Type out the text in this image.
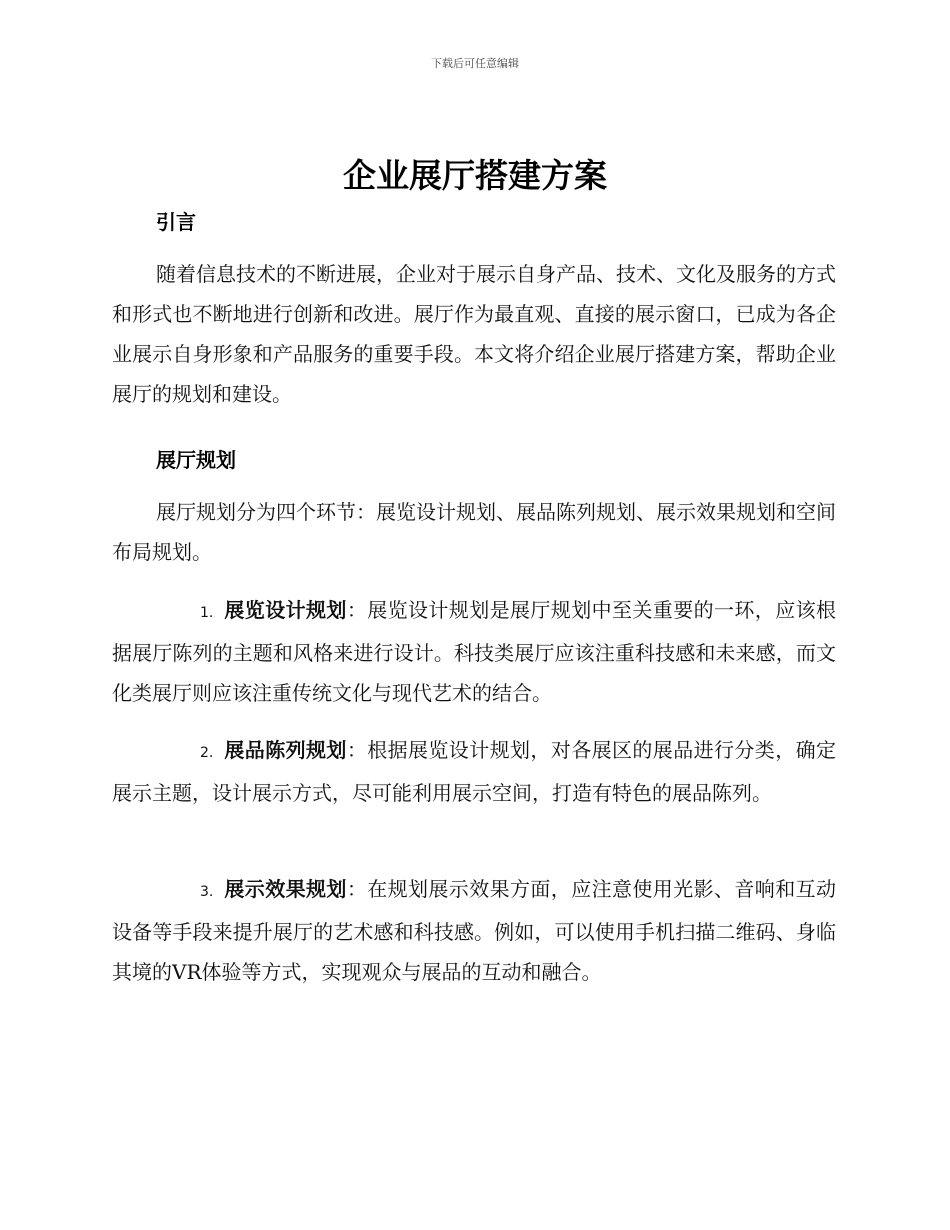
下载后可任意编辑
企业展厅搭建方案
引言

随着信息技术的不断进展，企业对于展示自身产品、技术、文化及服务的方式和形式也不断地进行创新和改进。展厅作为最直观、直接的展示窗口，已成为各企业展示自身形象和产品服务的重要手段。本文将介绍企业展厅搭建方案，帮助企业展厅的规划和建设。

展厅规划

展厅规划分为四个环节：展览设计规划、展品陈列规划、展示效果规划和空间布局规划。

1. 展览设计规划：展览设计规划是展厅规划中至关重要的一环，应该根据展厅陈列的主题和风格来进行设计。科技类展厅应该注重科技感和未来感，而文化类展厅则应该注重传统文化与现代艺术的结合。

2. 展品陈列规划：根据展览设计规划，对各展区的展品进行分类，确定展示主题，设计展示方式，尽可能利用展示空间，打造有特色的展品陈列。

3. 展示效果规划：在规划展示效果方面，应注意使用光影、音响和互动设备等手段来提升展厅的艺术感和科技感。例如，可以使用手机扫描二维码、身临其境的VR体验等方式，实现观众与展品的互动和融合。
